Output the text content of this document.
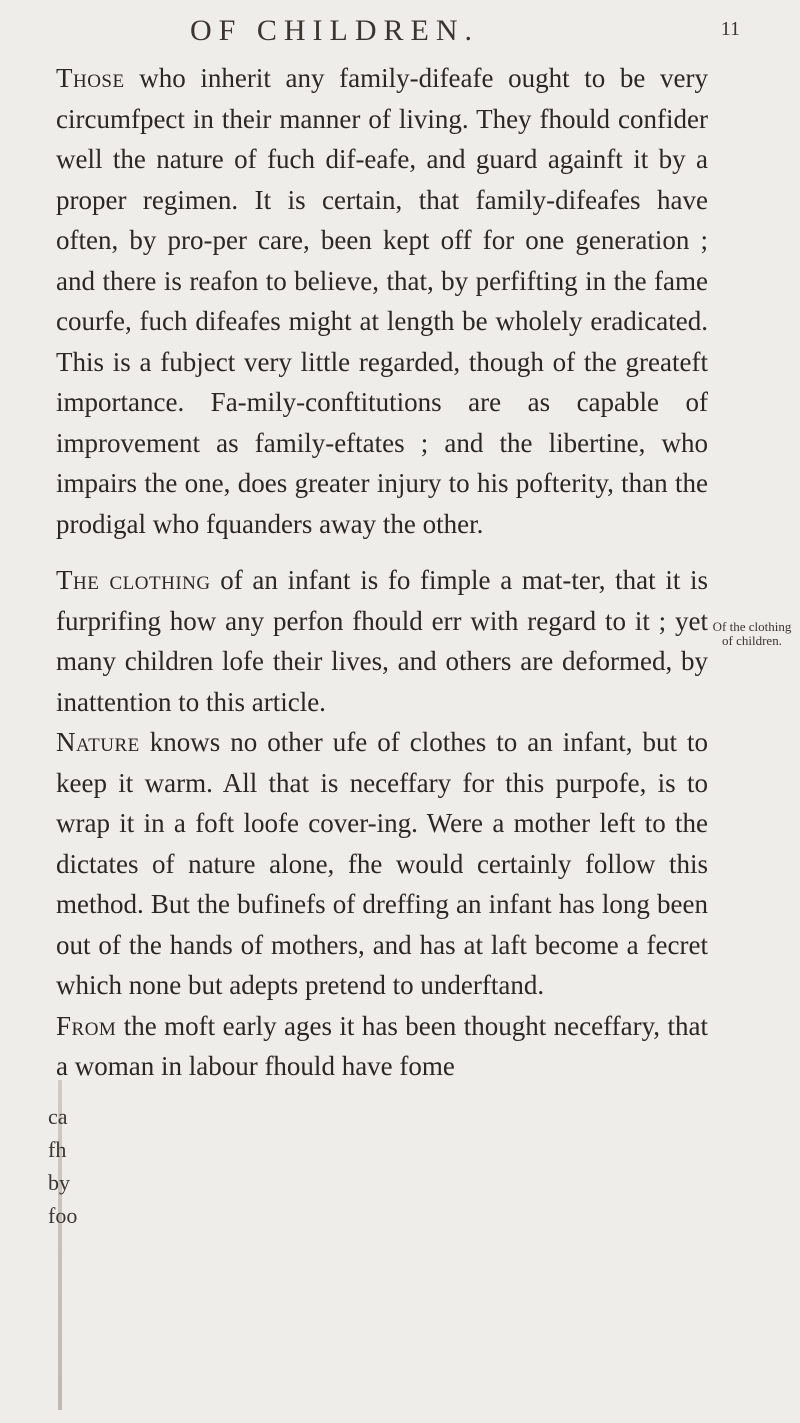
OF CHILDREN.	11
Of the clothing of children.
ca
fh
by
foo

Those who inherit any family-difeafe ought to be very circumfpect in their manner of living. They fhould confider well the nature of fuch dif-eafe, and guard againft it by a proper regimen. It is certain, that family-difeafes have often, by pro-per care, been kept off for one generation ; and there is reafon to believe, that, by perfifting in the fame courfe, fuch difeafes might at length be wholely eradicated. This is a fubject very little regarded, though of the greateft importance. Fa-mily-conftitutions are as capable of improvement as family-eftates ; and the libertine, who impairs the one, does greater injury to his pofterity, than the prodigal who fquanders away the other.

The clothing of an infant is fo fimple a mat-ter, that it is furprifing how any perfon fhould err with regard to it ; yet many children lofe their lives, and others are deformed, by inattention to this article.

Nature knows no other ufe of clothes to an infant, but to keep it warm. All that is neceffary for this purpofe, is to wrap it in a foft loofe cover-ing. Were a mother left to the dictates of nature alone, fhe would certainly follow this method. But the bufinefs of dreffing an infant has long been out of the hands of mothers, and has at laft become a fecret which none but adepts pretend to underftand.

From the moft early ages it has been thought neceffary, that a woman in labour fhould have fome
